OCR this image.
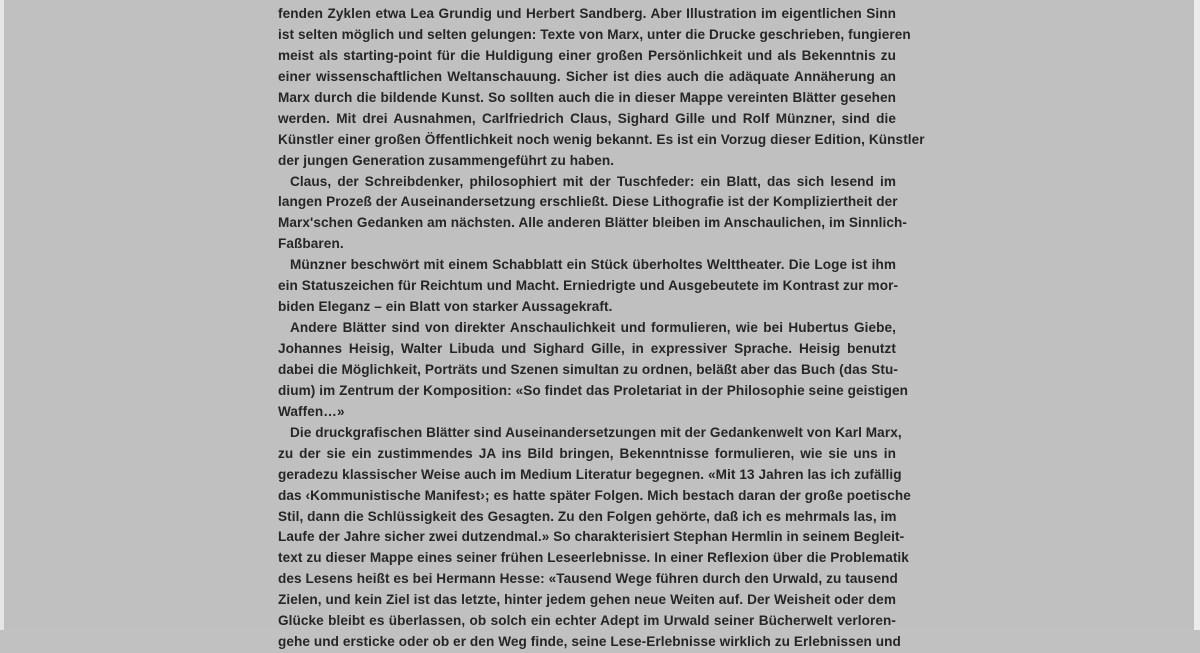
fenden Zyklen etwa Lea Grundig und Herbert Sandberg. Aber Illustration im eigentlichen Sinn
ist selten möglich und selten gelungen: Texte von Marx, unter die Drucke geschrieben, fungieren
meist als starting-point für die Huldigung einer großen Persönlichkeit und als Bekenntnis zu
einer wissenschaftlichen Weltanschauung. Sicher ist dies auch die adäquate Annäherung an
Marx durch die bildende Kunst. So sollten auch die in dieser Mappe vereinten Blätter gesehen
werden. Mit drei Ausnahmen, Carlfriedrich Claus, Sighard Gille und Rolf Münzner, sind die
Künstler einer großen Öffentlichkeit noch wenig bekannt. Es ist ein Vorzug dieser Edition, Künstler
der jungen Generation zusammengeführt zu haben.
Claus, der Schreibdenker, philosophiert mit der Tuschfeder: ein Blatt, das sich lesend im
langen Prozeß der Auseinandersetzung erschließt. Diese Lithografie ist der Kompliziertheit der
Marx'schen Gedanken am nächsten. Alle anderen Blätter bleiben im Anschaulichen, im Sinnlich-
Faßbaren.
Münzner beschwört mit einem Schabblatt ein Stück überholtes Welttheater. Die Loge ist ihm
ein Statuszeichen für Reichtum und Macht. Erniedrigte und Ausgebeutete im Kontrast zur mor-
biden Eleganz – ein Blatt von starker Aussagekraft.
Andere Blätter sind von direkter Anschaulichkeit und formulieren, wie bei Hubertus Giebe,
Johannes Heisig, Walter Libuda und Sighard Gille, in expressiver Sprache. Heisig benutzt
dabei die Möglichkeit, Porträts und Szenen simultan zu ordnen, beläßt aber das Buch (das Stu-
dium) im Zentrum der Komposition: «So findet das Proletariat in der Philosophie seine geistigen
Waffen…»
Die druckgrafischen Blätter sind Auseinandersetzungen mit der Gedankenwelt von Karl Marx,
zu der sie ein zustimmendes JA ins Bild bringen, Bekenntnisse formulieren, wie sie uns in
geradezu klassischer Weise auch im Medium Literatur begegnen. «Mit 13 Jahren las ich zufällig
das ‹Kommunistische Manifest›; es hatte später Folgen. Mich bestach daran der große poetische
Stil, dann die Schlüssigkeit des Gesagten. Zu den Folgen gehörte, daß ich es mehrmals las, im
Laufe der Jahre sicher zwei dutzendmal.» So charakterisiert Stephan Hermlin in seinem Begleit-
text zu dieser Mappe eines seiner frühen Leseerlebnisse. In einer Reflexion über die Problematik
des Lesens heißt es bei Hermann Hesse: «Tausend Wege führen durch den Urwald, zu tausend
Zielen, und kein Ziel ist das letzte, hinter jedem gehen neue Weiten auf. Der Weisheit oder dem
Glücke bleibt es überlassen, ob solch ein echter Adept im Urwald seiner Bücherwelt verloren-
gehe und ersticke oder ob er den Weg finde, seine Lese-Erlebnisse wirklich zu Erlebnissen und
